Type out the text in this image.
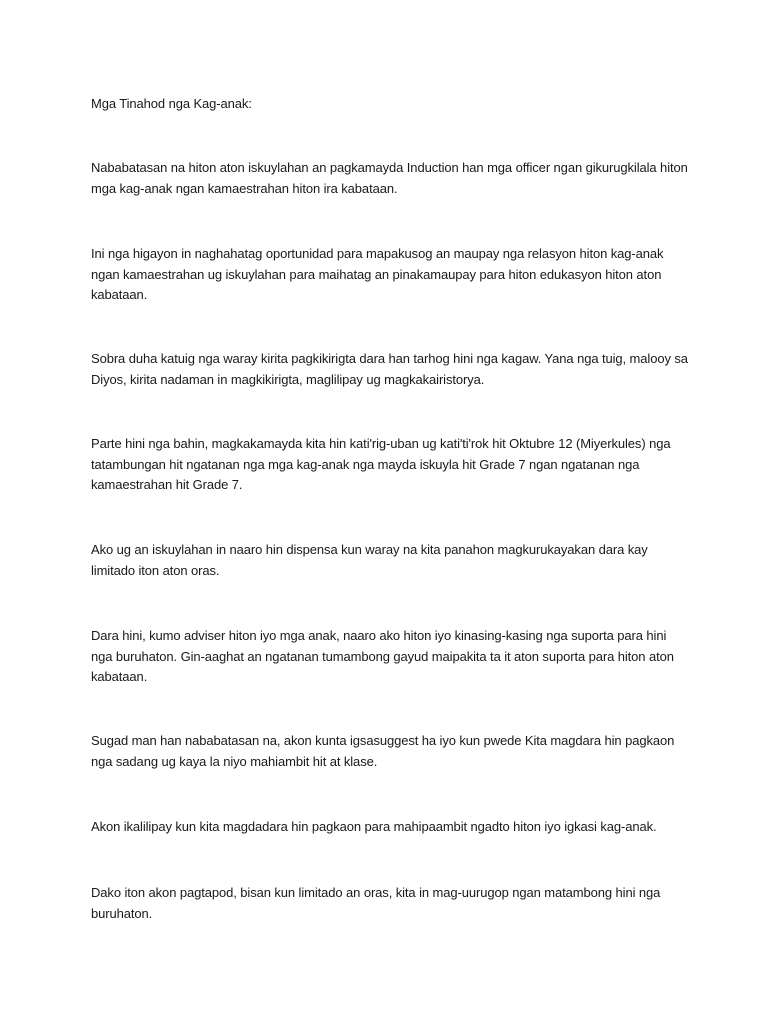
Mga Tinahod nga Kag-anak:

Nababatasan na hiton aton iskuylahan an pagkamayda Induction han mga officer ngan gikurugkilala hiton mga kag-anak ngan kamaestrahan hiton ira kabataan.

Ini nga higayon in naghahatag oportunidad para mapakusog an maupay nga relasyon hiton kag-anak ngan kamaestrahan ug iskuylahan para maihatag an pinakamaupay para hiton edukasyon hiton aton kabataan.

Sobra duha katuig nga waray kirita pagkikirigta dara han tarhog hini nga kagaw. Yana nga tuig, malooy sa Diyos, kirita nadaman in magkikirigta, maglilipay ug magkakairistorya.

Parte hini nga bahin, magkakamayda kita hin kati'rig-uban ug kati'ti'rok hit Oktubre 12 (Miyerkules) nga tatambungan hit ngatanan nga mga kag-anak nga mayda iskuyla hit Grade 7 ngan ngatanan nga kamaestrahan hit Grade 7.

Ako ug an iskuylahan in naaro hin dispensa kun waray na kita panahon magkurukayakan dara kay limitado iton aton oras.

Dara hini, kumo adviser hiton iyo mga anak, naaro ako hiton iyo kinasing-kasing nga suporta para hini nga buruhaton. Gin-aaghat an ngatanan tumambong gayud maipakita ta it aton suporta para hiton aton kabataan.

Sugad man han nababatasan na, akon kunta igsasuggest ha iyo kun pwede Kita magdara hin pagkaon nga sadang ug kaya la niyo mahiambit hit at klase.

Akon ikalilipay kun kita magdadara hin pagkaon para mahipaambit ngadto hiton iyo igkasi kag-anak.

Dako iton akon pagtapod, bisan kun limitado an oras, kita in mag-uurugop ngan matambong hini nga buruhaton.
